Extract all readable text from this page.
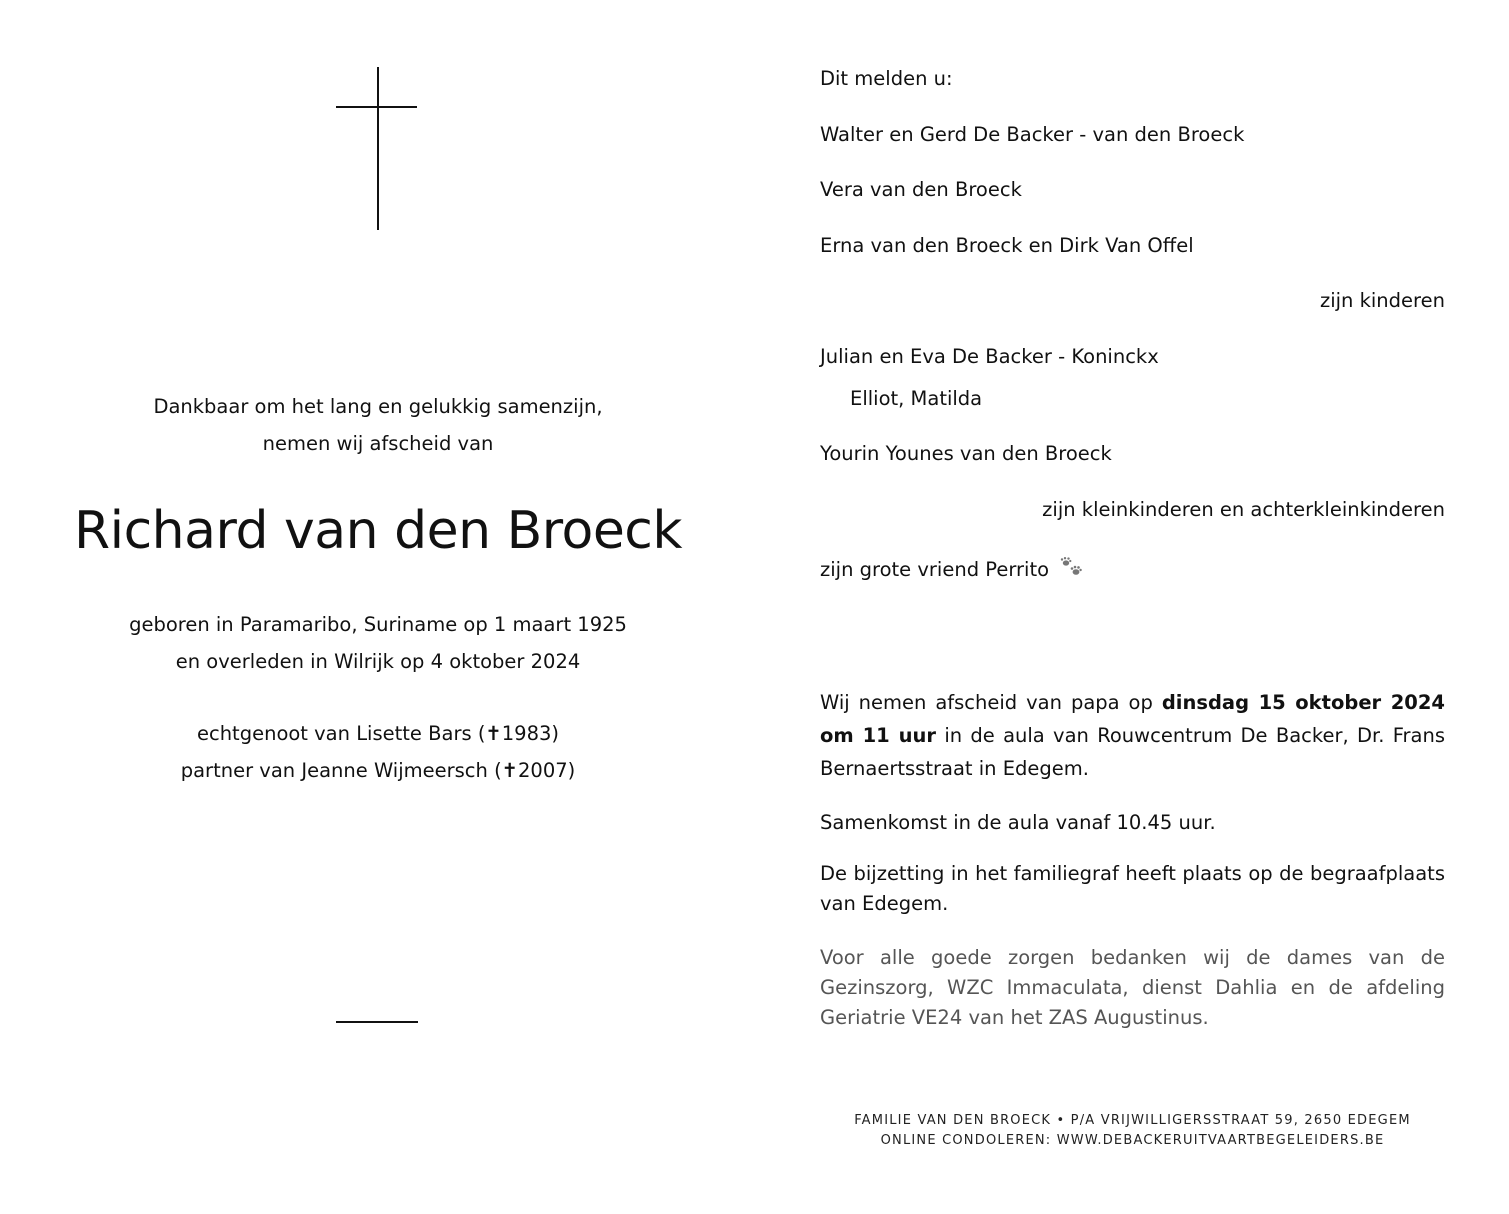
Dankbaar om het lang en gelukkig samenzijn,
nemen wij afscheid van
Richard van den Broeck
geboren in Paramaribo, Suriname op 1 maart 1925
en overleden in Wilrijk op 4 oktober 2024
echtgenoot van Lisette Bars (✝1983)
partner van Jeanne Wijmeersch (✝2007)
Dit melden u:
Walter en Gerd De Backer - van den Broeck
Vera van den Broeck
Erna van den Broeck en Dirk Van Offel
zijn kinderen
Julian en Eva De Backer - Koninckx
Elliot, Matilda
Yourin Younes van den Broeck
zijn kleinkinderen en achterkleinkinderen
zijn grote vriend Perrito
Wij nemen afscheid van papa op dinsdag 15 oktober 2024 om 11 uur in de aula van Rouwcentrum De Backer, Dr. Frans Bernaertsstraat in Edegem.
Samenkomst in de aula vanaf 10.45 uur.
De bijzetting in het familiegraf heeft plaats op de begraafplaats van Edegem.
Voor alle goede zorgen bedanken wij de dames van de Gezinszorg, WZC Immaculata, dienst Dahlia en de afdeling Geriatrie VE24 van het ZAS Augustinus.
FAMILIE VAN DEN BROECK • P/A VRIJWILLIGERSSTRAAT 59, 2650 EDEGEM
ONLINE CONDOLEREN: WWW.DEBACKERUITVAARTBEGELEIDERS.BE
